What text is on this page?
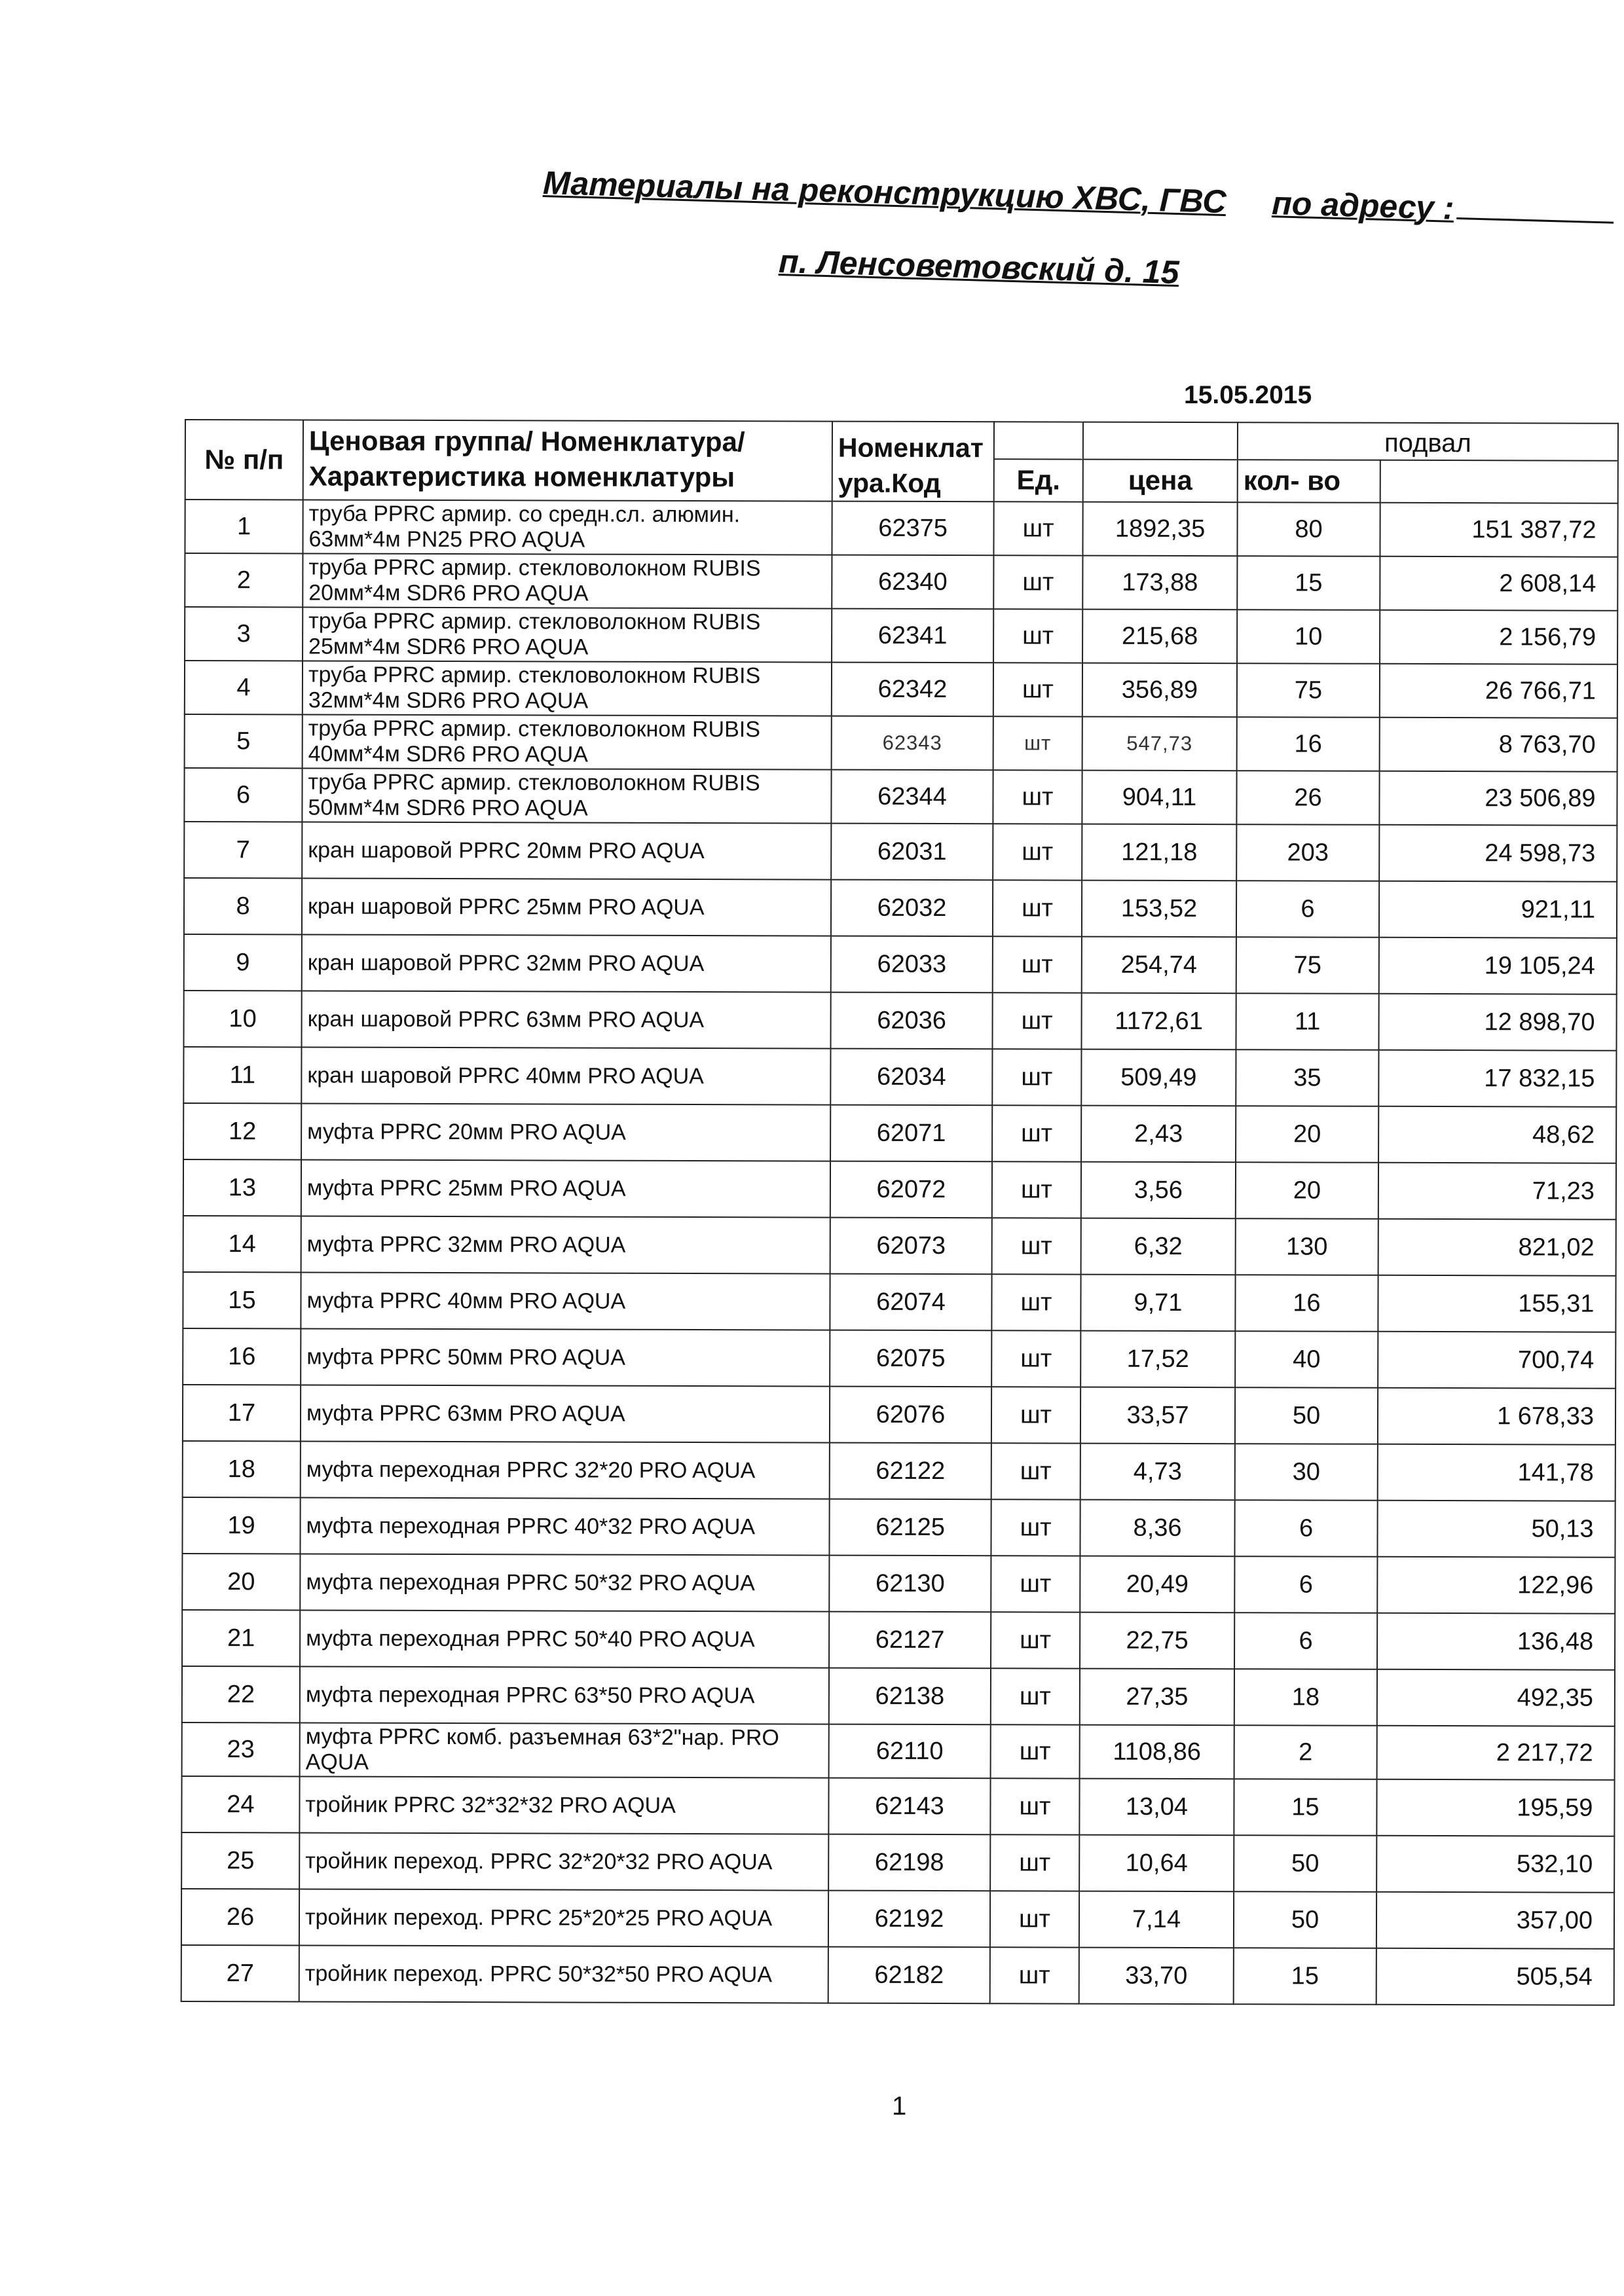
Материалы на реконструкцию ХВС, ГВС по адресу :
п. Ленсоветовский д. 15
15.05.2015
№ п/п	Ценовая группа/ Номенклатура/ Характеристика номенклатуры	Номенклатура.Код			подвал	
			Ед.	цена	кол- во	
1	труба PPRC армир. со средн.сл. алюмин. 63мм*4м PN25 PRO AQUA	62375	шт	1892,35	80	151 387,72
2	труба PPRC армир. стекловолокном RUBIS 20мм*4м SDR6 PRO AQUA	62340	шт	173,88	15	2 608,14
3	труба PPRC армир. стекловолокном RUBIS 25мм*4м SDR6 PRO AQUA	62341	шт	215,68	10	2 156,79
4	труба PPRC армир. стекловолокном RUBIS 32мм*4м SDR6 PRO AQUA	62342	шт	356,89	75	26 766,71
5	труба PPRC армир. стекловолокном RUBIS 40мм*4м SDR6 PRO AQUA	62343	шт	547,73	16	8 763,70
6	труба PPRC армир. стекловолокном RUBIS 50мм*4м SDR6 PRO AQUA	62344	шт	904,11	26	23 506,89
7	кран шаровой PPRC 20мм PRO AQUA	62031	шт	121,18	203	24 598,73
8	кран шаровой PPRC 25мм PRO AQUA	62032	шт	153,52	6	921,11
9	кран шаровой PPRC 32мм PRO AQUA	62033	шт	254,74	75	19 105,24
10	кран шаровой PPRC 63мм PRO AQUA	62036	шт	1172,61	11	12 898,70
11	кран шаровой PPRC 40мм PRO AQUA	62034	шт	509,49	35	17 832,15
12	муфта PPRC 20мм PRO AQUA	62071	шт	2,43	20	48,62
13	муфта PPRC 25мм PRO AQUA	62072	шт	3,56	20	71,23
14	муфта PPRC 32мм PRO AQUA	62073	шт	6,32	130	821,02
15	муфта PPRC 40мм PRO AQUA	62074	шт	9,71	16	155,31
16	муфта PPRC 50мм PRO AQUA	62075	шт	17,52	40	700,74
17	муфта PPRC 63мм PRO AQUA	62076	шт	33,57	50	1 678,33
18	муфта переходная PPRC 32*20 PRO AQUA	62122	шт	4,73	30	141,78
19	муфта переходная PPRC 40*32 PRO AQUA	62125	шт	8,36	6	50,13
20	муфта переходная PPRC 50*32 PRO AQUA	62130	шт	20,49	6	122,96
21	муфта переходная PPRC 50*40 PRO AQUA	62127	шт	22,75	6	136,48
22	муфта переходная PPRC 63*50 PRO AQUA	62138	шт	27,35	18	492,35
23	муфта PPRC комб. разъемная 63*2"нар. PRO AQUA	62110	шт	1108,86	2	2 217,72
24	тройник PPRC 32*32*32 PRO AQUA	62143	шт	13,04	15	195,59
25	тройник переход. PPRC 32*20*32 PRO AQUA	62198	шт	10,64	50	532,10
26	тройник переход. PPRC 25*20*25 PRO AQUA	62192	шт	7,14	50	357,00
27	тройник переход. PPRC 50*32*50 PRO AQUA	62182	шт	33,70	15	505,54
1
